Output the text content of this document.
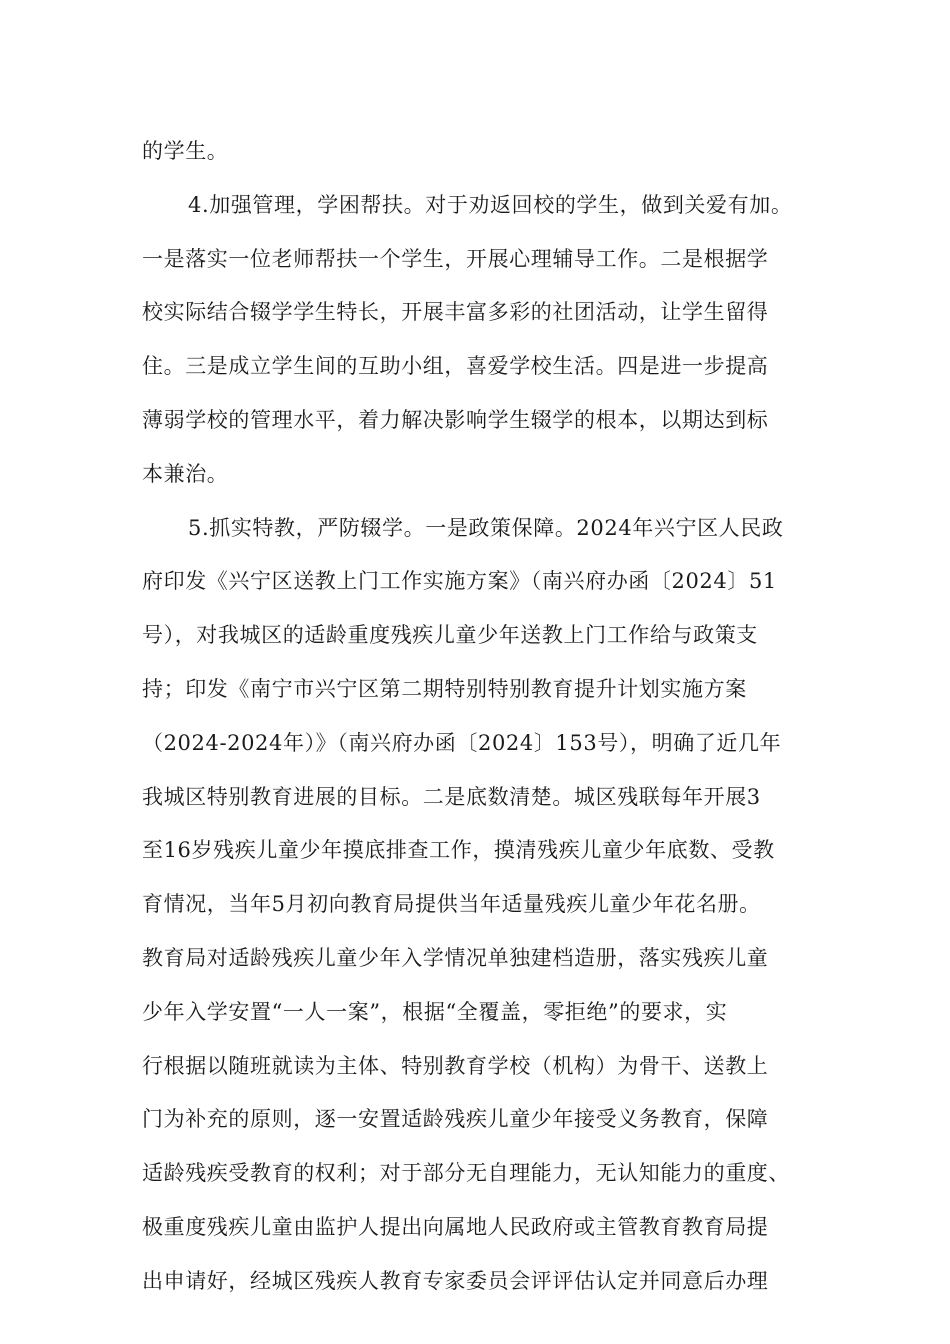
的学生。

4.加强管理，学困帮扶。对于劝返回校的学生，做到关爱有加。

一是落实一位老师帮扶一个学生，开展心理辅导工作。二是根据学

校实际结合辍学学生特长，开展丰富多彩的社团活动，让学生留得

住。三是成立学生间的互助小组，喜爱学校生活。四是进一步提高

薄弱学校的管理水平，着力解决影响学生辍学的根本，以期达到标

本兼治。

5.抓实特教，严防辍学。一是政策保障。2024年兴宁区人民政

府印发《兴宁区送教上门工作实施方案》（南兴府办函〔2024〕51

号），对我城区的适龄重度残疾儿童少年送教上门工作给与政策支

持；印发《南宁市兴宁区第二期特别特别教育提升计划实施方案

（2024-2024年）》（南兴府办函〔2024〕153号），明确了近几年

我城区特别教育进展的目标。二是底数清楚。城区残联每年开展3

至16岁残疾儿童少年摸底排查工作，摸清残疾儿童少年底数、受教

育情况，当年5月初向教育局提供当年适量残疾儿童少年花名册。

教育局对适龄残疾儿童少年入学情况单独建档造册，落实残疾儿童

少年入学安置“一人一案”，根据“全覆盖，零拒绝”的要求，实

行根据以随班就读为主体、特别教育学校（机构）为骨干、送教上

门为补充的原则，逐一安置适龄残疾儿童少年接受义务教育，保障

适龄残疾受教育的权利；对于部分无自理能力，无认知能力的重度、

极重度残疾儿童由监护人提出向属地人民政府或主管教育教育局提

出申请好，经城区残疾人教育专家委员会评评估认定并同意后办理
